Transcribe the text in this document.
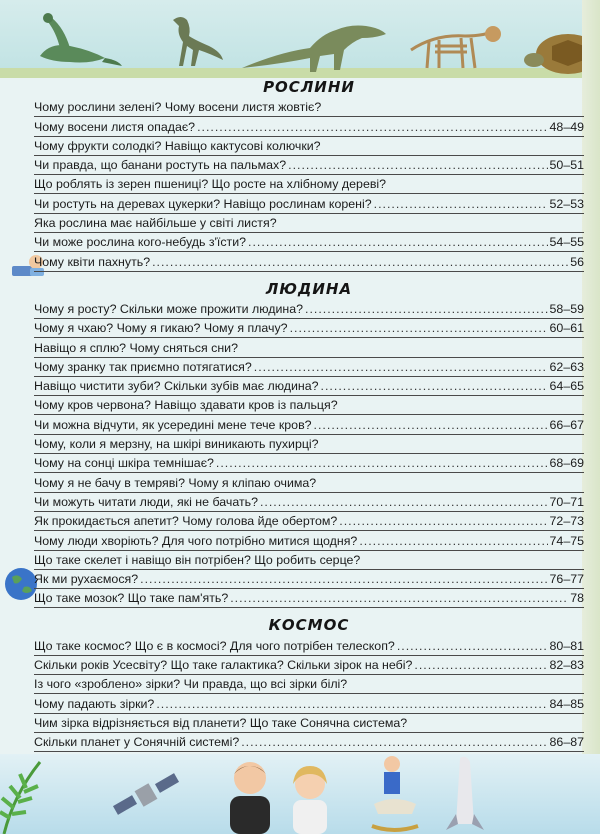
РОСЛИНИ
Чому рослини зелені? Чому восени листя жовтіє?
Чому восени листя опадає? .....	48–49
Чому фрукти солодкі? Навіщо кактусові колючки?
Чи правда, що банани ростуть на пальмах? .....	50–51
Що роблять із зерен пшениці? Що росте на хлібному дереві?
Чи ростуть на деревах цукерки? Навіщо рослинам корені? .....	52–53
Яка рослина має найбільше у світі листя?
Чи може рослина кого-небудь з'їсти? .....	54–55
Чому квіти пахнуть? .....	56
ЛЮДИНА
Чому я росту? Скільки може прожити людина? .....	58–59
Чому я чхаю? Чому я гикаю? Чому я плачу? .....	60–61
Навіщо я сплю? Чому сняться сни?
Чому зранку так приємно потягатися? .....	62–63
Навіщо чистити зуби? Скільки зубів має людина? .....	64–65
Чому кров червона? Навіщо здавати кров із пальця?
Чи можна відчути, як усередині мене тече кров? .....	66–67
Чому, коли я мерзну, на шкірі виникають пухирці?
Чому на сонці шкіра темнішає? .....	68–69
Чому я не бачу в темряві? Чому я кліпаю очима?
Чи можуть читати люди, які не бачать? .....	70–71
Як прокидається апетит? Чому голова йде обертом? .....	72–73
Чому люди хворіють? Для чого потрібно митися щодня? .....	74–75
Що таке скелет і навіщо він потрібен? Що робить серце?
Як ми рухаємося? .....	76–77
Що таке мозок? Що таке пам'ять? .....	78
КОСМОС
Що таке космос? Що є в космосі? Для чого потрібен телескоп? .....	80–81
Скільки років Усесвіту? Що таке галактика? Скільки зірок на небі? .....	82–83
Із чого «зроблено» зірки? Чи правда, що всі зірки білі?
Чому падають зірки? .....	84–85
Чим зірка відрізняється від планети? Що таке Сонячна система?
Скільки планет у Сонячній системі? .....	86–87
.....
